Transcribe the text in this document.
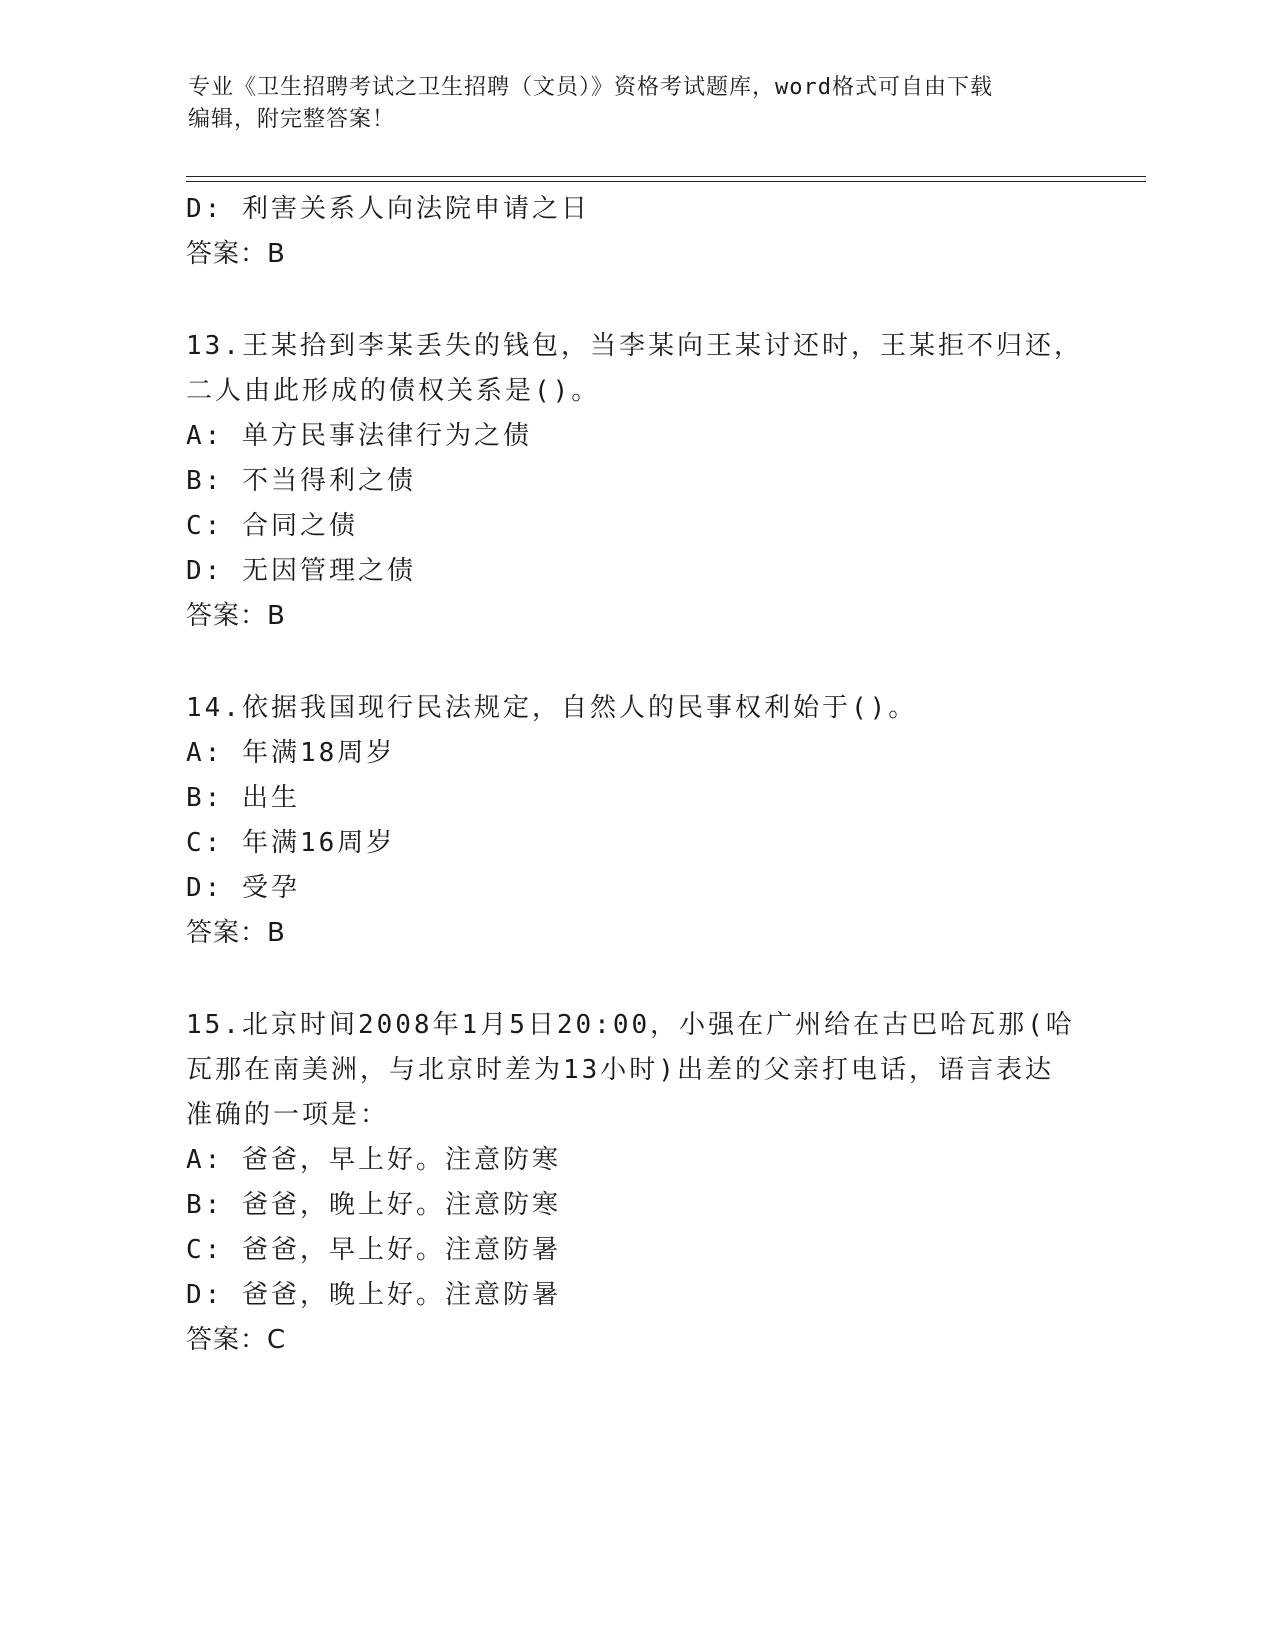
专业《卫生招聘考试之卫生招聘（文员）》资格考试题库，word格式可自由下载
编辑，附完整答案！
D: 利害关系人向法院申请之日
答案：B
13.王某拾到李某丢失的钱包，当李某向王某讨还时，王某拒不归还，
二人由此形成的债权关系是()。
A: 单方民事法律行为之债
B: 不当得利之债
C: 合同之债
D: 无因管理之债
答案：B
14.依据我国现行民法规定，自然人的民事权利始于()。
A: 年满18周岁
B: 出生
C: 年满16周岁
D: 受孕
答案：B
15.北京时间2008年1月5日20:00，小强在广州给在古巴哈瓦那(哈
瓦那在南美洲，与北京时差为13小时)出差的父亲打电话，语言表达
准确的一项是：
A: 爸爸，早上好。注意防寒
B: 爸爸，晚上好。注意防寒
C: 爸爸，早上好。注意防暑
D: 爸爸，晚上好。注意防暑
答案：C
